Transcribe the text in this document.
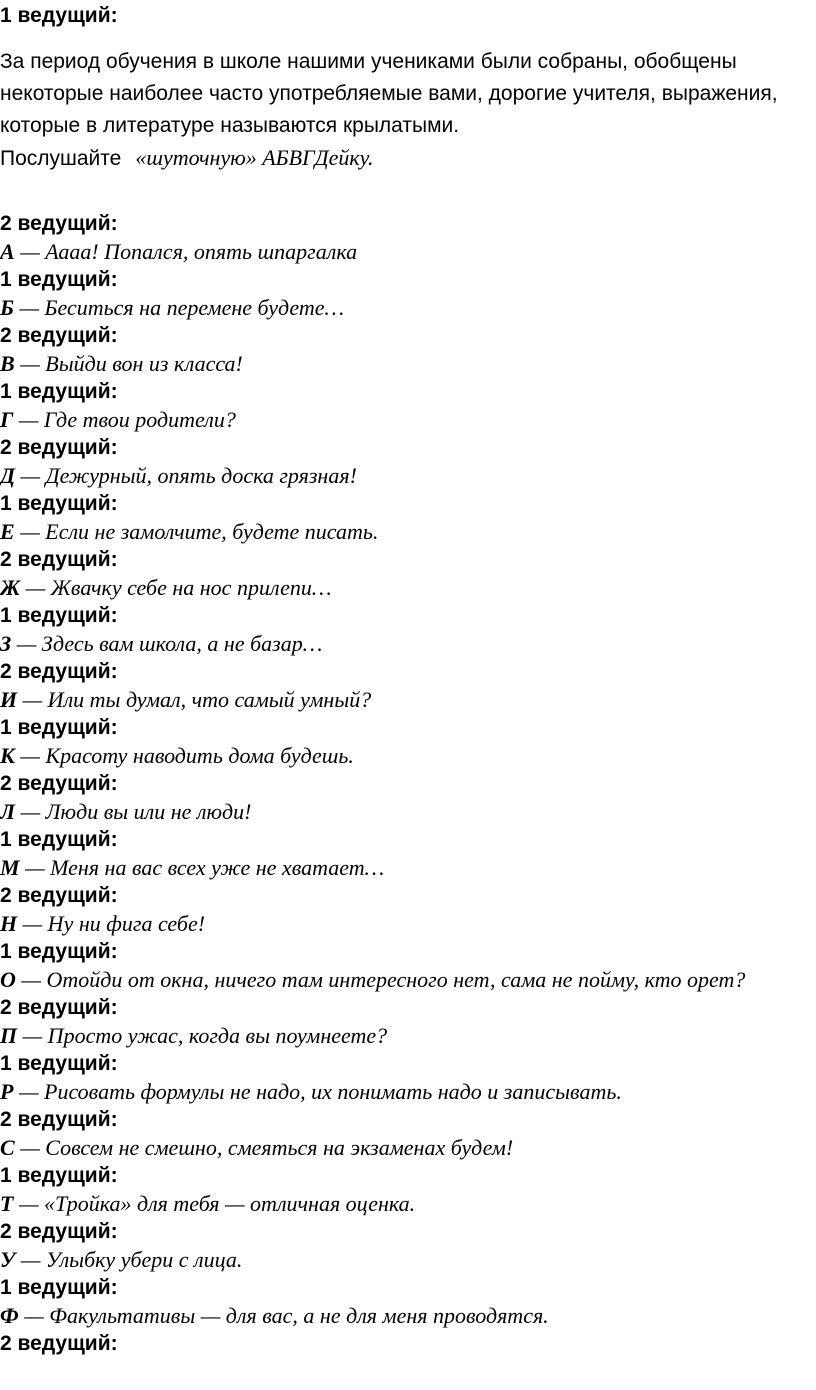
1 ведущий:
За период обучения в школе нашими учениками были собраны, обобщены некоторые наиболее часто употребляемые вами, дорогие учителя, выражения, которые в литературе называются крылатыми.
Послушайте «шуточную» АБВГДейку.
2 ведущий:
А — Аааа! Попался, опять шпаргалка
1 ведущий:
Б — Беситься на перемене будете…
2 ведущий:
В — Выйди вон из класса!
1 ведущий:
Г — Где твои родители?
2 ведущий:
Д — Дежурный, опять доска грязная!
1 ведущий:
Е — Если не замолчите, будете писать.
2 ведущий:
Ж — Жвачку себе на нос прилепи…
1 ведущий:
З — Здесь вам школа, а не базар…
2 ведущий:
И — Или ты думал, что самый умный?
1 ведущий:
К — Красоту наводить дома будешь.
2 ведущий:
Л — Люди вы или не люди!
1 ведущий:
М — Меня на вас всех уже не хватает…
2 ведущий:
Н — Ну ни фига себе!
1 ведущий:
О — Отойди от окна, ничего там интересного нет, сама не пойму, кто орет?
2 ведущий:
П — Просто ужас, когда вы поумнеете?
1 ведущий:
Р — Рисовать формулы не надо, их понимать надо и записывать.
2 ведущий:
С — Совсем не смешно, смеяться на экзаменах будем!
1 ведущий:
Т — «Тройка» для тебя — отличная оценка.
2 ведущий:
У — Улыбку убери с лица.
1 ведущий:
Ф — Факультативы — для вас, а не для меня проводятся.
2 ведущий:
